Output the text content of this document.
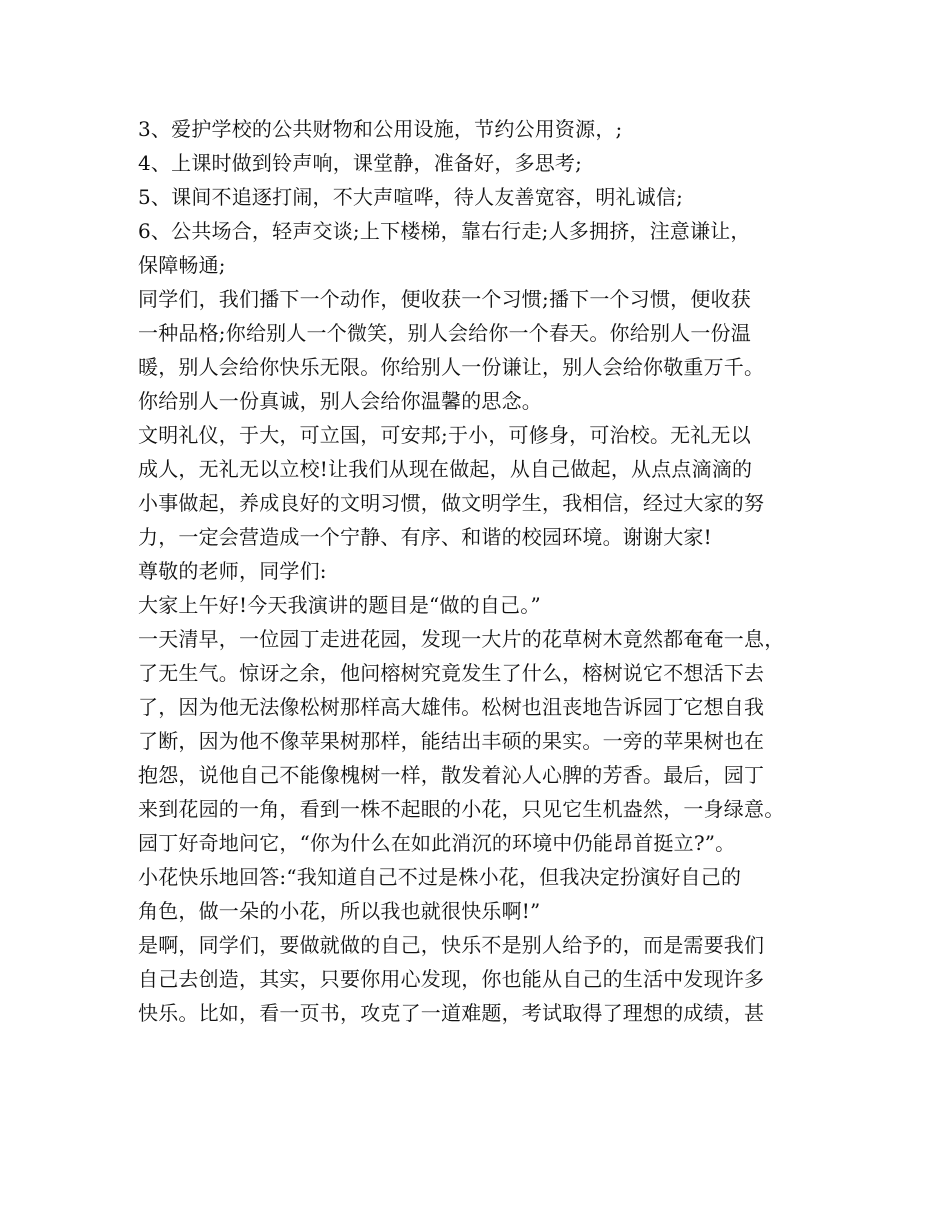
3、爱护学校的公共财物和公用设施，节约公用资源，;
4、上课时做到铃声响，课堂静，准备好，多思考;
5、课间不追逐打闹，不大声喧哗，待人友善宽容，明礼诚信;
6、公共场合，轻声交谈;上下楼梯，靠右行走;人多拥挤，注意谦让，
保障畅通;
同学们，我们播下一个动作，便收获一个习惯;播下一个习惯，便收获
一种品格;你给别人一个微笑，别人会给你一个春天。你给别人一份温
暖，别人会给你快乐无限。你给别人一份谦让，别人会给你敬重万千。
你给别人一份真诚，别人会给你温馨的思念。
文明礼仪，于大，可立国，可安邦;于小，可修身，可治校。无礼无以
成人，无礼无以立校!让我们从现在做起，从自己做起，从点点滴滴的
小事做起，养成良好的文明习惯，做文明学生，我相信，经过大家的努
力，一定会营造成一个宁静、有序、和谐的校园环境。谢谢大家!
尊敬的老师，同学们:
大家上午好!今天我演讲的题目是“做的自己。”
一天清早，一位园丁走进花园，发现一大片的花草树木竟然都奄奄一息，
了无生气。惊讶之余，他问榕树究竟发生了什么，榕树说它不想活下去
了，因为他无法像松树那样高大雄伟。松树也沮丧地告诉园丁它想自我
了断，因为他不像苹果树那样，能结出丰硕的果实。一旁的苹果树也在
抱怨，说他自己不能像槐树一样，散发着沁人心脾的芳香。最后，园丁
来到花园的一角，看到一株不起眼的小花，只见它生机盎然，一身绿意。
园丁好奇地问它，“你为什么在如此消沉的环境中仍能昂首挺立?”。
小花快乐地回答:“我知道自己不过是株小花，但我决定扮演好自己的
角色，做一朵的小花，所以我也就很快乐啊!”
是啊，同学们，要做就做的自己，快乐不是别人给予的，而是需要我们
自己去创造，其实，只要你用心发现，你也能从自己的生活中发现许多
快乐。比如，看一页书，攻克了一道难题，考试取得了理想的成绩，甚
